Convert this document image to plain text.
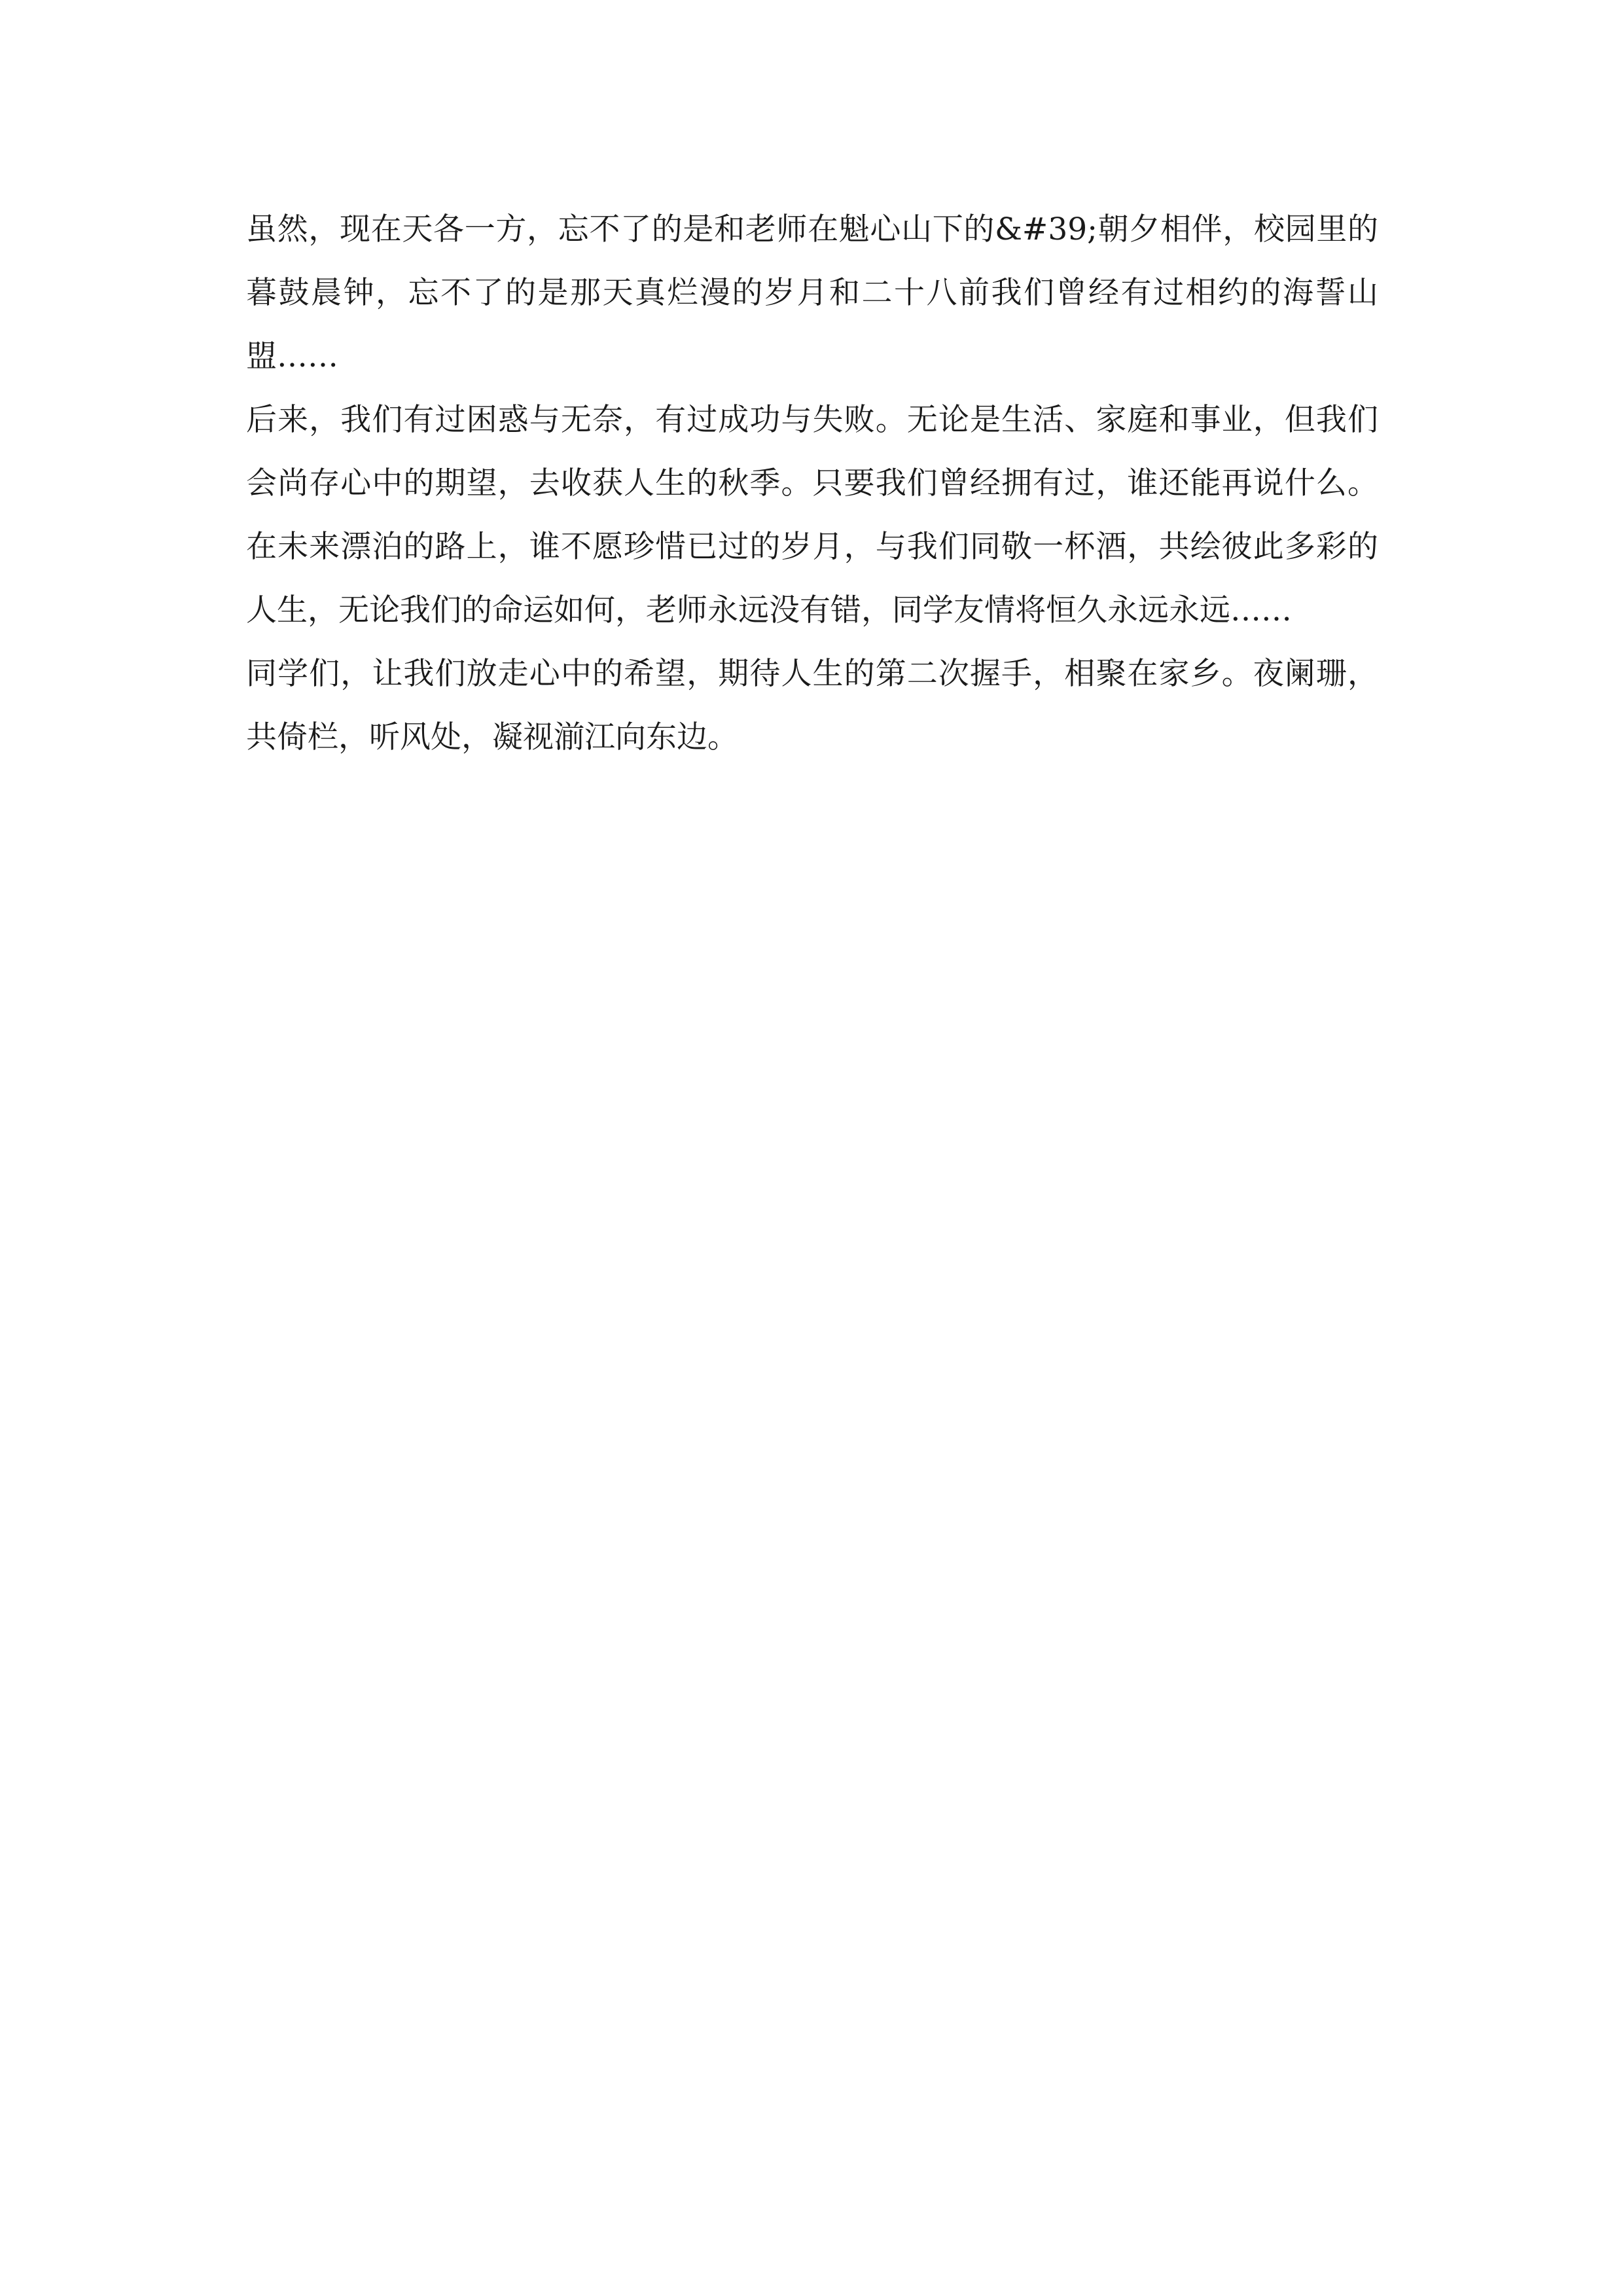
虽然，现在天各一方，忘不了的是和老师在魁心山下的&#39;朝夕相伴，校园里的暮鼓晨钟，忘不了的是那天真烂漫的岁月和二十八前我们曾经有过相约的海誓山盟……

后来，我们有过困惑与无奈，有过成功与失败。无论是生活、家庭和事业，但我们会尚存心中的期望，去收获人生的秋季。只要我们曾经拥有过，谁还能再说什么。在未来漂泊的路上，谁不愿珍惜已过的岁月，与我们同敬一杯酒，共绘彼此多彩的人生，无论我们的命运如何，老师永远没有错，同学友情将恒久永远永远……

同学们，让我们放走心中的希望，期待人生的第二次握手，相聚在家乡。夜阑珊，共倚栏，听风处，凝视湔江向东边。
